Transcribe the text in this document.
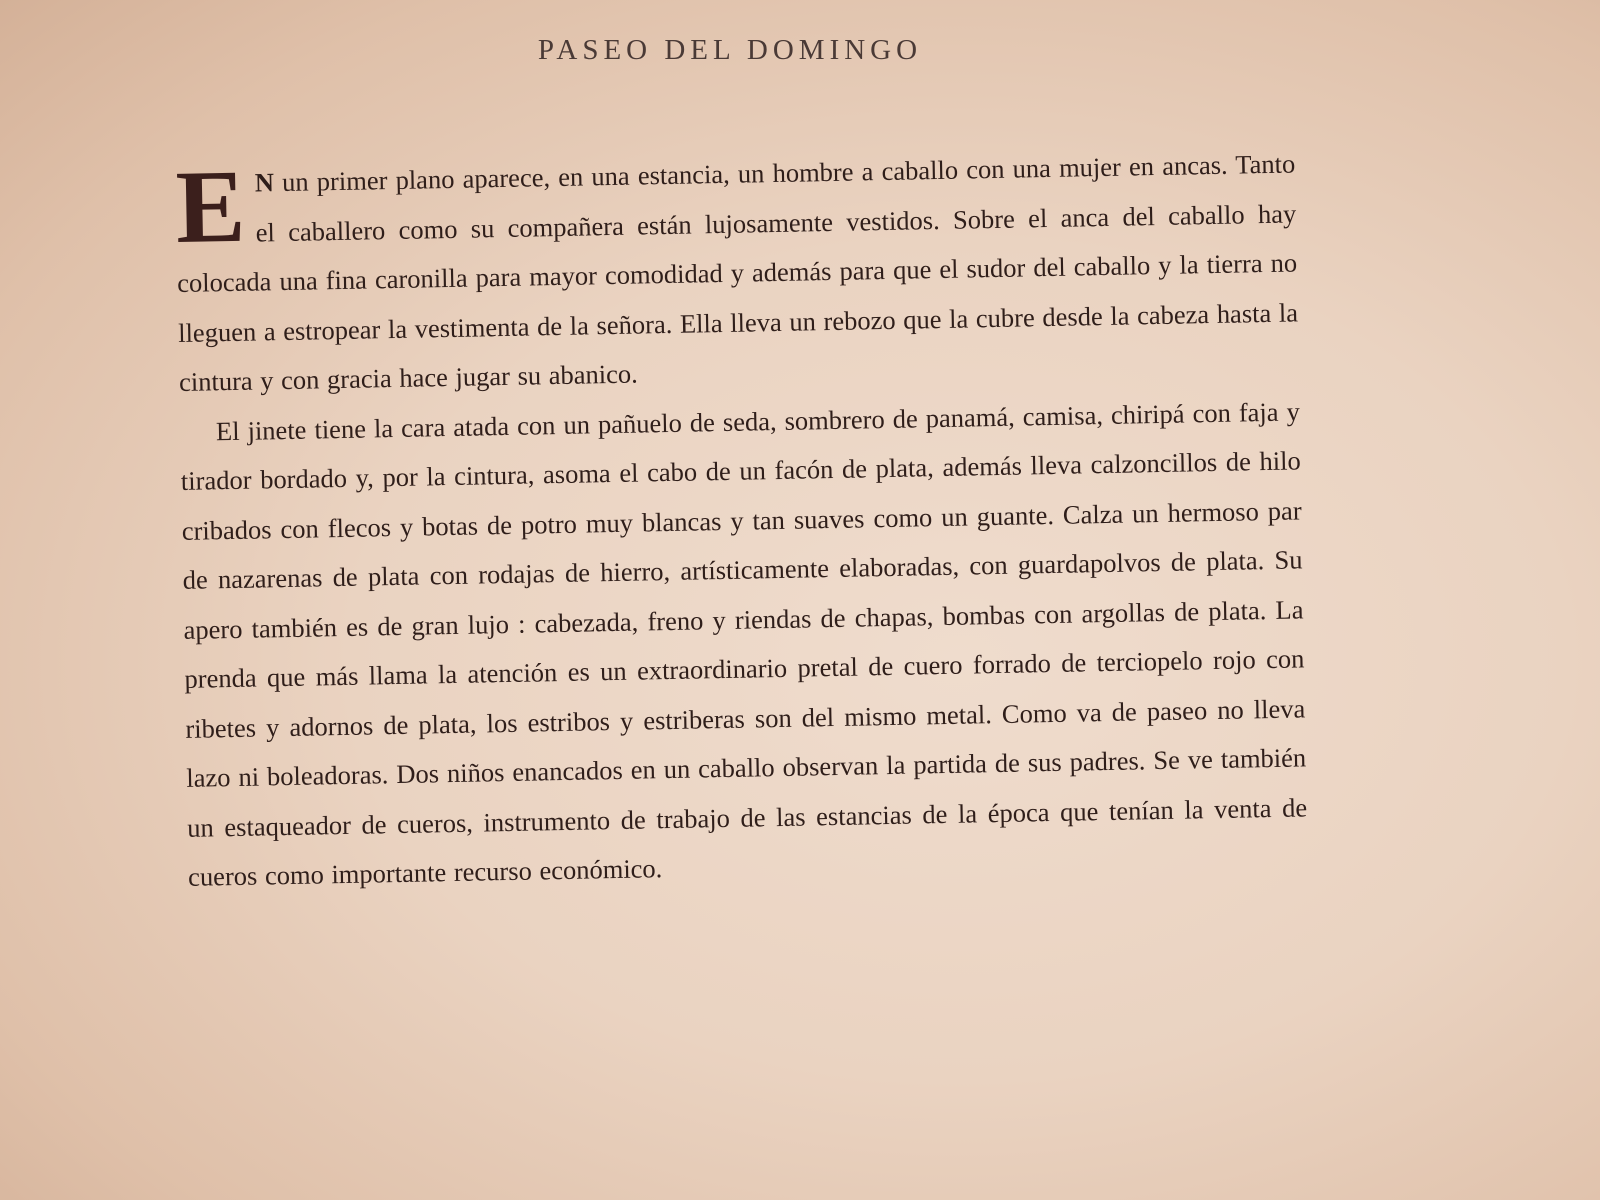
PASEO DEL DOMINGO

E N un primer plano aparece, en una estancia, un hombre a caballo con una mujer en ancas. Tanto el caballero como su compañera están lujosamente vestidos. Sobre el anca del caballo hay colocada una fina caronilla para mayor comodidad y además para que el sudor del caballo y la tierra no lleguen a estropear la vestimenta de la señora. Ella lleva un rebozo que la cubre desde la cabeza hasta la cintura y con gracia hace jugar su abanico.

El jinete tiene la cara atada con un pañuelo de seda, sombrero de panamá, camisa, chiripá con faja y tirador bordado y, por la cintura, asoma el cabo de un facón de plata, además lleva calzoncillos de hilo cribados con flecos y botas de potro muy blancas y tan suaves como un guante. Calza un hermoso par de nazarenas de plata con rodajas de hierro, artísticamente elaboradas, con guardapolvos de plata. Su apero también es de gran lujo : cabezada, freno y riendas de chapas, bombas con argollas de plata. La prenda que más llama la atención es un extraordinario pretal de cuero forrado de terciopelo rojo con ribetes y adornos de plata, los estribos y estriberas son del mismo metal. Como va de paseo no lleva lazo ni boleadoras. Dos niños enancados en un caballo observan la partida de sus padres. Se ve también un estaqueador de cueros, instrumento de trabajo de las estancias de la época que tenían la venta de cueros como importante recurso económico.
